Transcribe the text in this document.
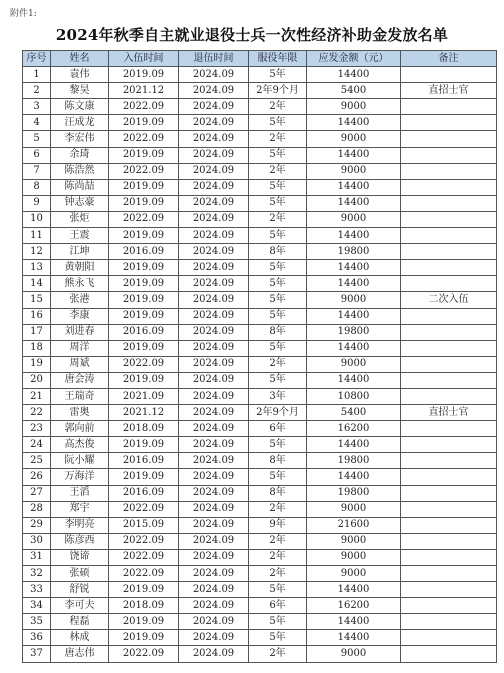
附件1:
2024年秋季自主就业退役士兵一次性经济补助金发放名单
序号	姓名	入伍时间	退伍时间	服役年限	应发金额（元）	备注
1	袁伟	2019.09	2024.09	5年	14400	
2	黎昊	2021.12	2024.09	2年9个月	5400	直招士官
3	陈文康	2022.09	2024.09	2年	9000	
4	汪成龙	2019.09	2024.09	5年	14400	
5	李宏伟	2022.09	2024.09	2年	9000	
6	余琦	2019.09	2024.09	5年	14400	
7	陈浩然	2022.09	2024.09	2年	9000	
8	陈尚喆	2019.09	2024.09	5年	14400	
9	钟志豪	2019.09	2024.09	5年	14400	
10	张炬	2022.09	2024.09	2年	9000	
11	王震	2019.09	2024.09	5年	14400	
12	江坤	2016.09	2024.09	8年	19800	
13	黄朝阳	2019.09	2024.09	5年	14400	
14	熊永飞	2019.09	2024.09	5年	14400	
15	张港	2019.09	2024.09	5年	9000	二次入伍
16	李康	2019.09	2024.09	5年	14400	
17	刘进春	2016.09	2024.09	8年	19800	
18	周洋	2019.09	2024.09	5年	14400	
19	周斌	2022.09	2024.09	2年	9000	
20	唐会涛	2019.09	2024.09	5年	14400	
21	王瑞奇	2021.09	2024.09	3年	10800	
22	雷奥	2021.12	2024.09	2年9个月	5400	直招士官
23	郭向前	2018.09	2024.09	6年	16200	
24	高杰俊	2019.09	2024.09	5年	14400	
25	阮小耀	2016.09	2024.09	8年	19800	
26	万海洋	2019.09	2024.09	5年	14400	
27	王滔	2016.09	2024.09	8年	19800	
28	郑宇	2022.09	2024.09	2年	9000	
29	李明亮	2015.09	2024.09	9年	21600	
30	陈彦西	2022.09	2024.09	2年	9000	
31	饶谛	2022.09	2024.09	2年	9000	
32	张硕	2022.09	2024.09	2年	9000	
33	舒锐	2019.09	2024.09	5年	14400	
34	李可夫	2018.09	2024.09	6年	16200	
35	程磊	2019.09	2024.09	5年	14400	
36	林成	2019.09	2024.09	5年	14400	
37	唐志伟	2022.09	2024.09	2年	9000	
